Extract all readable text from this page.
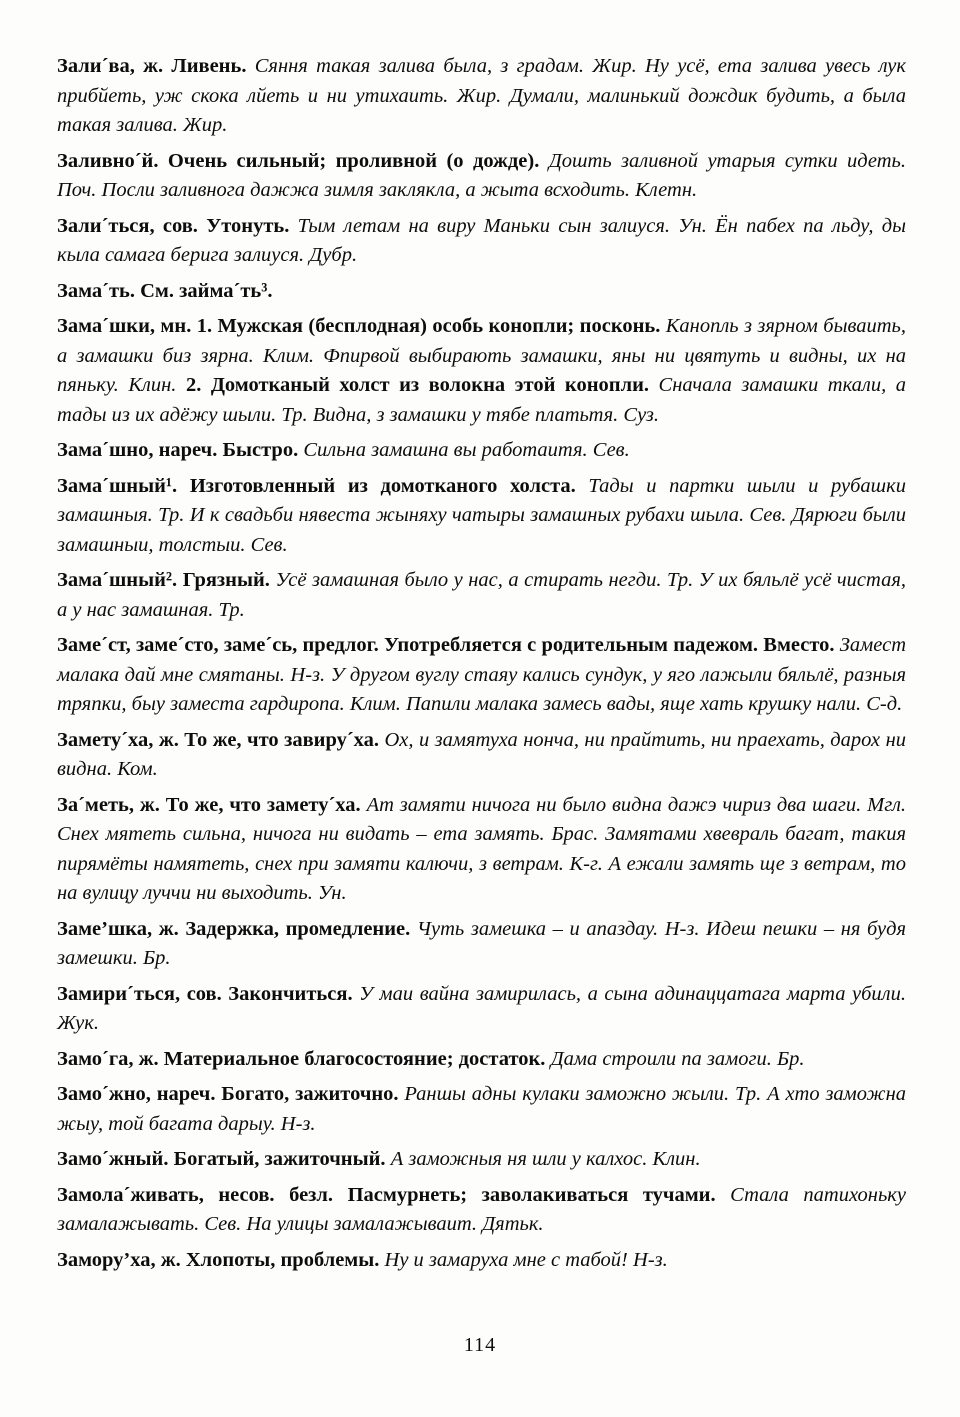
Зали´ва, ж. Ливень. Сяння такая залива была, з градам. Жир. Ну усё, ета залива увесь лук прибйеть, уж скока лйеть и ни утихаить. Жир. Думали, малинький дождик будить, а была такая залива. Жир.

Заливно´й. Очень сильный; проливной (о дожде). Дошть заливной утарыя сутки идеть. Поч. Посли заливнога дажжа зимля заклякла, а жыта всходить. Клетн.

Зали´ться, сов. Утонуть. Тым летам на виру Маньки сын залиуся. Ун. Ён пабех па льду, ды кыла самага берига залиуся. Дубр.

Зама´ть. См. займа´ть³.

Зама´шки, мн. 1. Мужская (бесплодная) особь конопли; посконь. Канопль з зярном бываить, а замашки биз зярна. Клим. Фпирвой выбирають замашки, яны ни цвятуть и видны, их на пяньку. Клин. 2. Домотканый холст из волокна этой конопли. Сначала замашки ткали, а тады из их адёжу шыли. Тр. Видна, з замашки у тябе платьтя. Суз.

Зама´шно, нареч. Быстро. Сильна замашна вы работаитя. Сев.

Зама´шный¹. Изготовленный из домотканого холста. Тады и партки шыли и рубашки замашныя. Тр. И к свадьби нявеста жыняху чатыры замашных рубахи шыла. Сев. Дярюги были замашныи, толстыи. Сев.

Зама´шный². Грязный. Усё замашная было у нас, а стирать негди. Тр. У их бяльлё усё чистая, а у нас замашная. Тр.

Заме´ст, заме´сто, заме´сь, предлог. Употребляется с родительным падежом. Вместо. Замест малака дай мне смятаны. Н-з. У другом вуглу стаяу кались сундук, у яго лажыли бяльлё, разныя тряпки, быу заместа гардиропа. Клим. Папили малака замесь вады, яще хать крушку нали. С-д.

Замету´ха, ж. То же, что завиру´ха. Ох, и замятуха нонча, ни прайтить, ни праехать, дарох ни видна. Ком.

За´меть, ж. То же, что замету´ха. Ат замяти ничога ни было видна дажэ чириз два шаги. Мгл. Снех мятеть сильна, ничога ни видать – ета замять. Брас. Замятами хвевраль багат, такия пирямёты намятеть, снех при замяти калючи, з ветрам. К-г. А ежали замять ще з ветрам, то на вулицу луччи ни выходить. Ун.

Заме’шка, ж. Задержка, промедление. Чуть замешка – и апаздау. Н-з. Идеш пешки – ня будя замешки. Бр.

Замири´ться, сов. Закончиться. У маи вайна замирилась, а сына адинаццатага марта убили. Жук.

Замо´га, ж. Материальное благосостояние; достаток. Дама строили па замоги. Бр.

Замо´жно, нареч. Богато, зажиточно. Раншы адны кулаки заможно жыли. Тр. А хто заможна жыу, той багата дарыу. Н-з.

Замо´жный. Богатый, зажиточный. А заможныя ня шли у калхос. Клин.

Замола´живать, несов. безл. Пасмурнеть; заволакиваться тучами. Стала патихоньку замалажывать. Сев. На улицы замалажываит. Дятьк.

Замору’ха, ж. Хлопоты, проблемы. Ну и замаруха мне с табой! Н-з.

114
